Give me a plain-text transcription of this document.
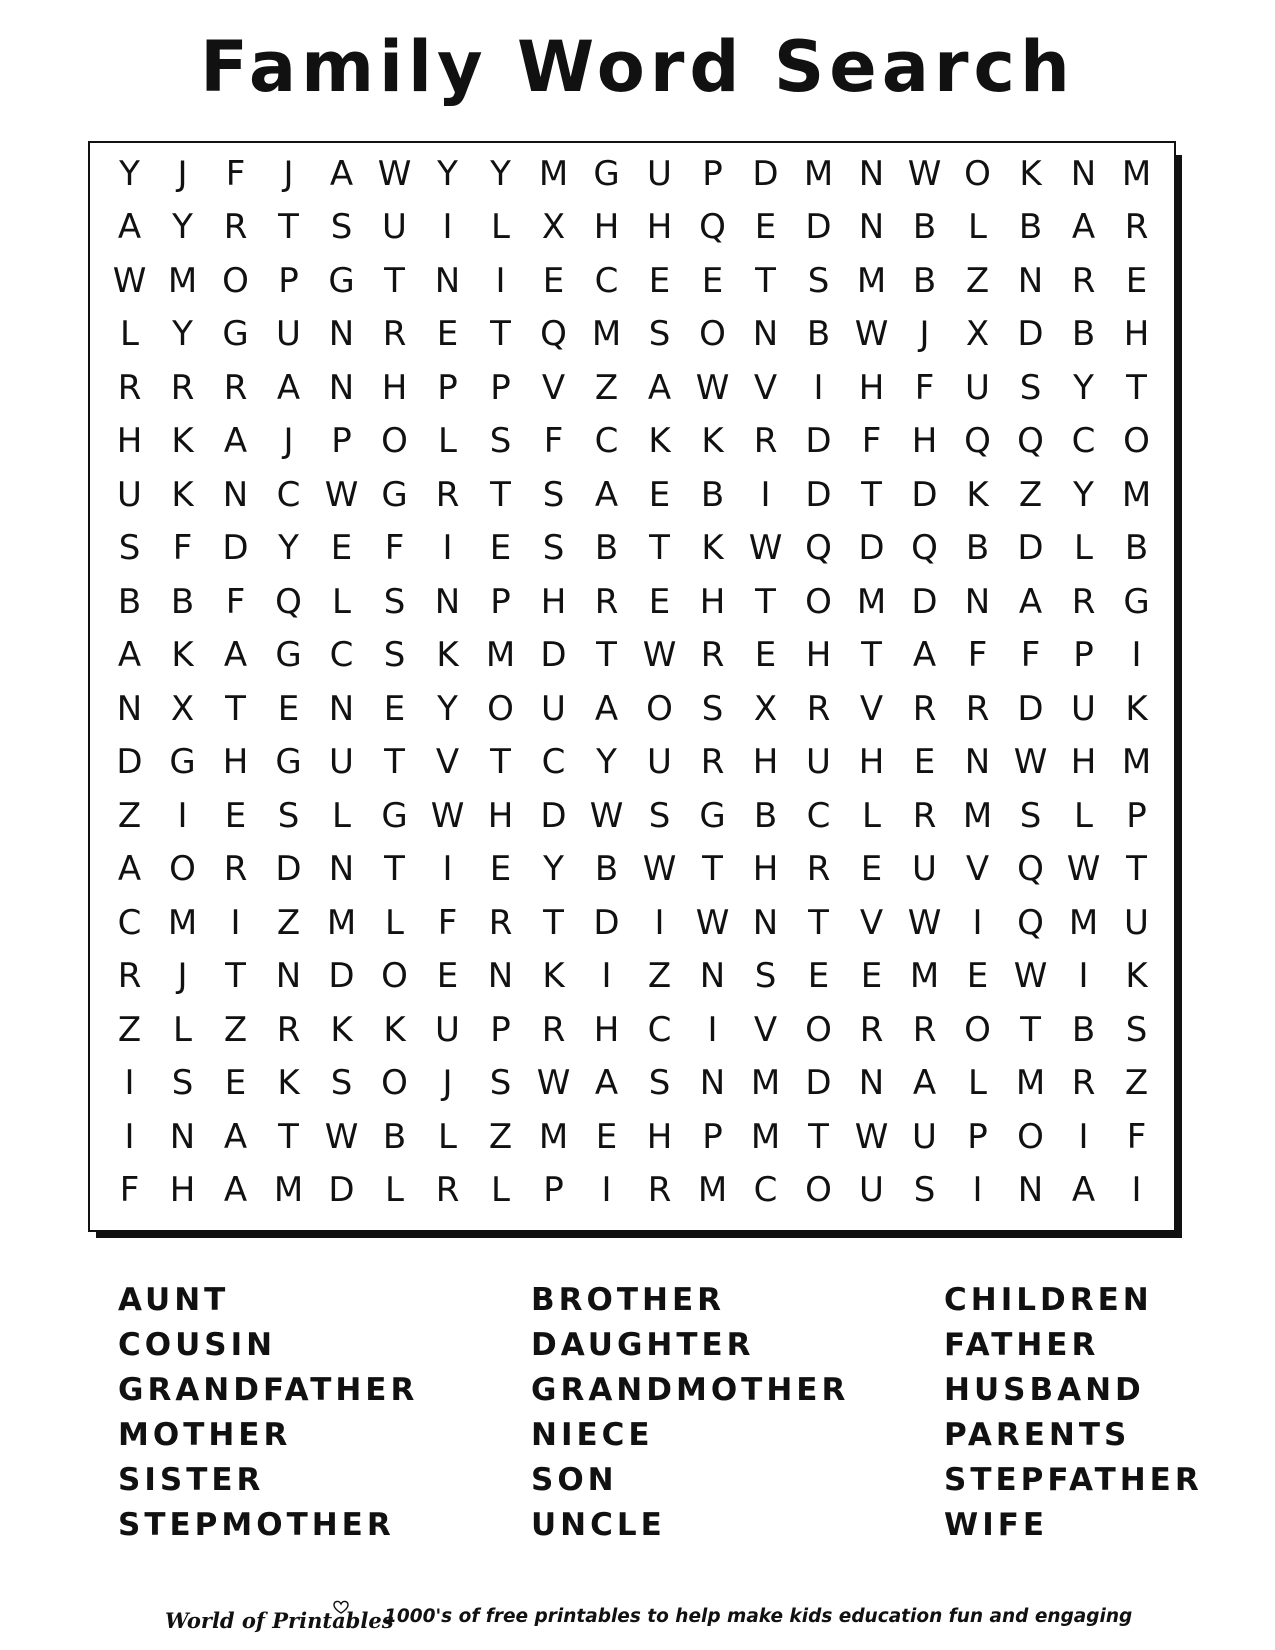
Family Word Search
Y	J	F	J	A W Y Y M G U P D M N W O K N M
A Y R T S U	I	L X H H Q E D N B L B A R
W M O P G T N	I	E C E E T S M B Z N R E
L Y G U N R E T Q M S O N B W J	X D B H
R R R A N H P P V Z A W V	I	H F U S Y T
H K A	J	P O L S F C K K R D F H Q Q C O
U K N C W G R T S A E B	I	D T D K Z Y M
S F D Y E F	I	E S B T K W Q D Q B D L B
B B F Q L S N P H R E H T O M D N A R G
A K A G C S K M D T W R E H T A F F P	I
N X T E N E Y O U A O S X R V R R D U K
D G H G U T V T C Y U R H U H E N W H M
Z	I	E S L G W H D W S G B C L R M S L P
A O R D N T	I	E Y B W T H R E U V Q W T
C M I	Z M L F R T D	I W N T V W I	Q M U
R	J	T N D O E N K	I	Z N S E E M E W I	K
Z L Z R K K U P R H C	I	V O R R O T B S
I	S E K S O	J	S W A S N M D N A L M R Z
I	N A T W B L Z M E H P M T W U P O	I	F
F H A M D L R L P	I	R M C O U S	I	N A	I
AUNT	BROTHER	CHILDREN
COUSIN	DAUGHTER	FATHER
GRANDFATHER	GRANDMOTHER	HUSBAND
MOTHER	NIECE	PARENTS
SISTER	SON	STEPFATHER
STEPMOTHER	UNCLE	WIFE
World of Printables
1000's of free printables to help make kids education fun and engaging
